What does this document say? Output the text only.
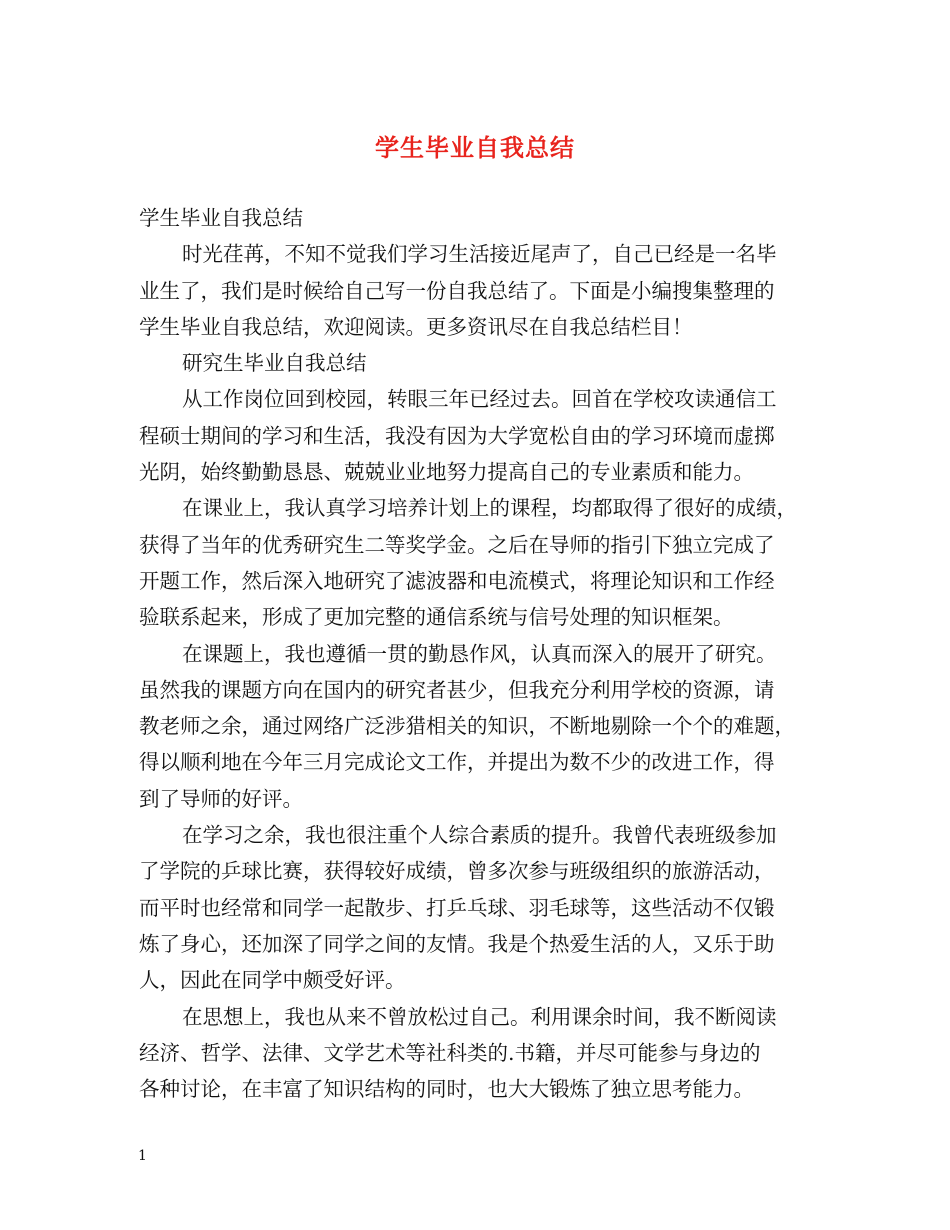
学生毕业自我总结
学生毕业自我总结
时光荏苒，不知不觉我们学习生活接近尾声了，自己已经是一名毕
业生了，我们是时候给自己写一份自我总结了。下面是小编搜集整理的
学生毕业自我总结，欢迎阅读。更多资讯尽在自我总结栏目！
研究生毕业自我总结
从工作岗位回到校园，转眼三年已经过去。回首在学校攻读通信工
程硕士期间的学习和生活，我没有因为大学宽松自由的学习环境而虚掷
光阴，始终勤勤恳恳、兢兢业业地努力提高自己的专业素质和能力。
在课业上，我认真学习培养计划上的课程，均都取得了很好的成绩，
获得了当年的优秀研究生二等奖学金。之后在导师的指引下独立完成了
开题工作，然后深入地研究了滤波器和电流模式，将理论知识和工作经
验联系起来，形成了更加完整的通信系统与信号处理的知识框架。
在课题上，我也遵循一贯的勤恳作风，认真而深入的展开了研究。
虽然我的课题方向在国内的研究者甚少，但我充分利用学校的资源，请
教老师之余，通过网络广泛涉猎相关的知识，不断地剔除一个个的难题，
得以顺利地在今年三月完成论文工作，并提出为数不少的改进工作，得
到了导师的好评。
在学习之余，我也很注重个人综合素质的提升。我曾代表班级参加
了学院的乒球比赛，获得较好成绩，曾多次参与班级组织的旅游活动，
而平时也经常和同学一起散步、打乒乓球、羽毛球等，这些活动不仅锻
炼了身心，还加深了同学之间的友情。我是个热爱生活的人，又乐于助
人，因此在同学中颇受好评。
在思想上，我也从来不曾放松过自己。利用课余时间，我不断阅读
经济、哲学、法律、文学艺术等社科类的.书籍，并尽可能参与身边的
各种讨论，在丰富了知识结构的同时，也大大锻炼了独立思考能力。
1
